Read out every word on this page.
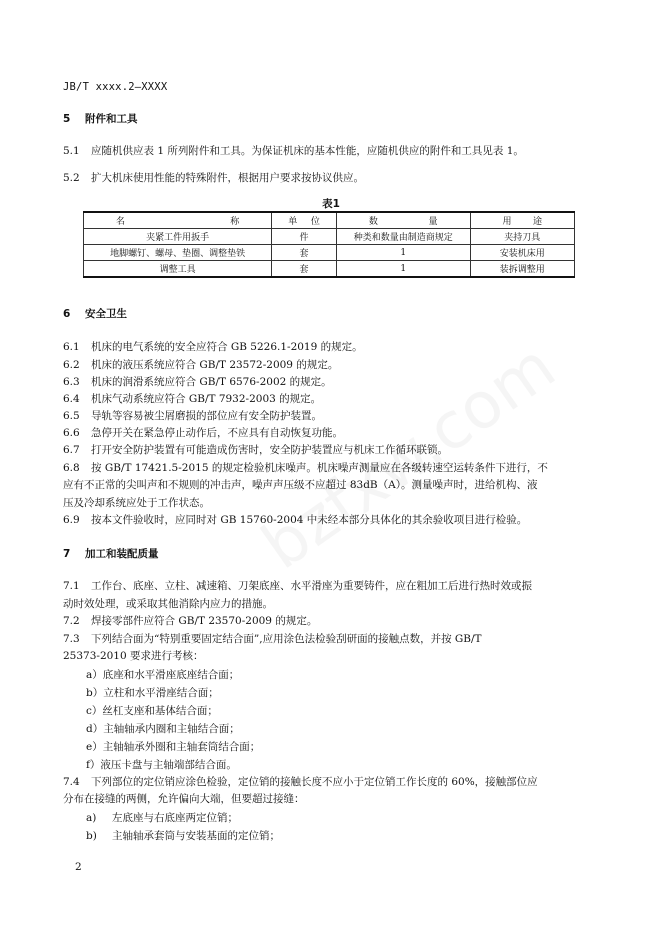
JB/T xxxx.2—XXXX
5 附件和工具
5.1 应随机供应表 1 所列附件和工具。为保证机床的基本性能，应随机供应的附件和工具见表 1。
5.2 扩大机床使用性能的特殊附件，根据用户要求按协议供应。
表1
名 称	单 位	数 量	用 途

夹紧工件用扳手	件	种类和数量由制造商规定	夹持刀具
地脚螺钉、螺母、垫圈、调整垫铁	套	1	安装机床用
调整工具	套	1	装拆调整用
6 安全卫生
6.1 机床的电气系统的安全应符合 GB 5226.1-2019 的规定。
6.2 机床的液压系统应符合 GB/T 23572-2009 的规定。
6.3 机床的润滑系统应符合 GB/T 6576-2002 的规定。
6.4 机床气动系统应符合 GB/T 7932-2003 的规定。
6.5 导轨等容易被尘屑磨损的部位应有安全防护装置。
6.6 急停开关在紧急停止动作后，不应具有自动恢复功能。
6.7 打开安全防护装置有可能造成伤害时，安全防护装置应与机床工作循环联锁。
6.8 按 GB/T 17421.5-2015 的规定检验机床噪声。机床噪声测量应在各级转速空运转条件下进行，不
应有不正常的尖叫声和不规则的冲击声，噪声声压级不应超过 83dB（A）。测量噪声时，进给机构、液
压及冷却系统应处于工作状态。
6.9 按本文件验收时，应同时对 GB 15760-2004 中未经本部分具体化的其余验收项目进行检验。
7 加工和装配质量
7.1 工作台、底座、立柱、减速箱、刀架底座、水平滑座为重要铸件，应在粗加工后进行热时效或振
动时效处理，或采取其他消除内应力的措施。
7.2 焊接零部件应符合 GB/T 23570-2009 的规定。
7.3 下列结合面为“特别重要固定结合面”,应用涂色法检验刮研面的接触点数，并按 GB/T
25373-2010 要求进行考核：
a）底座和水平滑座底座结合面；
b）立柱和水平滑座结合面；
c）丝杠支座和基体结合面；
d）主轴轴承内圈和主轴结合面；
e）主轴轴承外圈和主轴套筒结合面；
f）液压卡盘与主轴端部结合面。
7.4 下列部位的定位销应涂色检验，定位销的接触长度不应小于定位销工作长度的 60%，接触部位应
分布在接缝的两侧，允许偏向大端，但要超过接缝：
a) 左底座与右底座两定位销；
b) 主轴轴承套筒与安装基面的定位销；
2
